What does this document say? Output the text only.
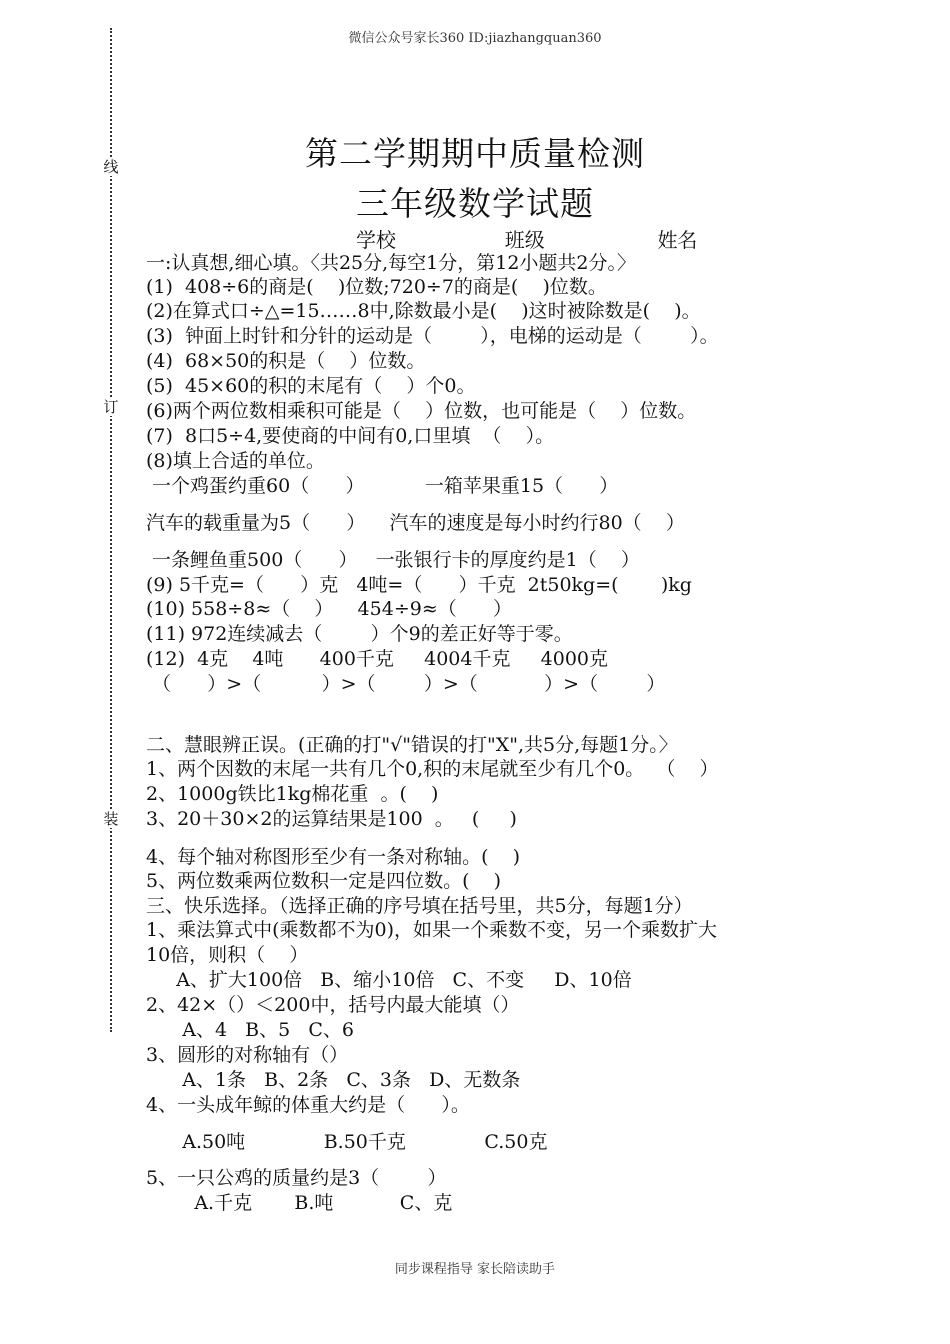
微信公众号家长360 ID:jiazhangquan360
线
订
装
第二学期期中质量检测
三年级数学试题
学校	班级	姓名
一:认真想,细心填。〈共25分,每空1分，第12小题共2分。〉
(1)  408÷6的商是(    )位数;720÷7的商是(    )位数。
(2)在算式口÷△=15……8中,除数最小是(    )这时被除数是(    )。
(3)  钟面上时针和分针的运动是（        ），电梯的运动是（        ）。
(4)  68×50的积是（    ）位数。
(5)  45×60的积的末尾有（    ）个0。
(6)两个两位数相乘积可能是（    ）位数，也可能是（    ）位数。
(7)  8口5÷4,要使商的中间有0,口里填  （    ）。
(8)填上合适的单位。
一个鸡蛋约重60（      ）          一箱苹果重15（      ）
汽车的载重量为5（      ）    汽车的速度是每小时约行80（    ）
一条鲤鱼重500（      ）   一张银行卡的厚度约是1（    ）
(9) 5千克=（      ）克   4吨=（      ）千克  2t50kg=(       )kg
(10) 558÷8≈（    ）    454÷9≈（      ）
(11) 972连续减去（        ）个9的差正好等于零。
(12)  4克    4吨      400千克     4004千克     4000克
（      ）>（          ）>（        ）>（           ）>（        ）
二、慧眼辨正误。(正确的打"√"错误的打"X",共5分,每题1分。〉
1、两个因数的末尾一共有几个0,积的末尾就至少有几个0。  （    ）
2、1000g铁比1kg棉花重  。(    )
3、20＋30×2的运算结果是100  。   (     )
4、每个轴对称图形至少有一条对称轴。(    )
5、两位数乘两位数积一定是四位数。(    )
三、快乐选择。（选择正确的序号填在括号里，共5分，每题1分）
1、乘法算式中(乘数都不为0)，如果一个乘数不变，另一个乘数扩大
10倍，则积（    ）
A、扩大100倍   B、缩小10倍   C、不变     D、10倍
2、42×（）＜200中，括号内最大能填（）
A、4   B、5   C、6
3、圆形的对称轴有（）
A、1条   B、2条   C、3条   D、无数条
4、一头成年鲸的体重大约是（      ）。
A.50吨             B.50千克             C.50克
5、一只公鸡的质量约是3（        ）
A.千克       B.吨           C、克
同步课程指导 家长陪读助手
